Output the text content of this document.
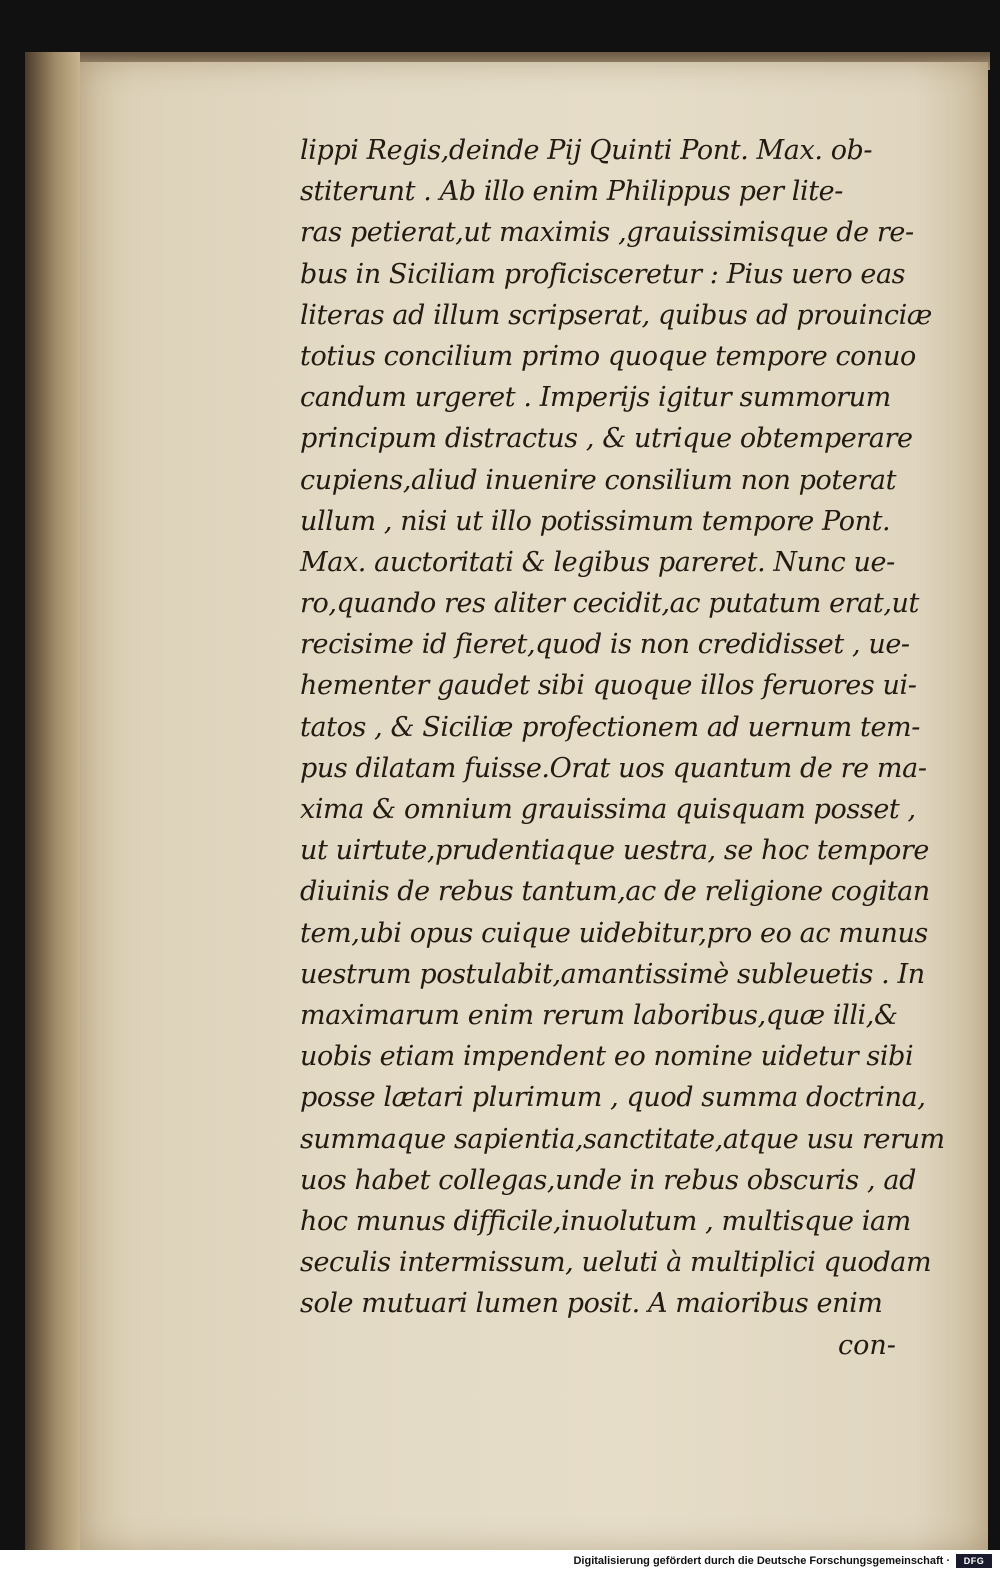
lippi Regis,deinde Pij Quinti Pont. Max. ob-
stiterunt . Ab illo enim Philippus per lite-
ras petierat,ut maximis ,grauissimisque de re-
bus in Siciliam proficisceretur : Pius uero eas
literas ad illum scripserat, quibus ad prouinciæ
totius concilium primo quoque tempore conuo
candum urgeret . Imperijs igitur summorum
principum distractus , & utrique obtemperare
cupiens,aliud inuenire consilium non poterat
ullum , nisi ut illo potissimum tempore Pont.
Max. auctoritati & legibus pareret. Nunc ue-
ro,quando res aliter cecidit,ac putatum erat,ut
recisime id fieret,quod is non credidisset , ue-
hementer gaudet sibi quoque illos feruores ui-
tatos , & Siciliæ profectionem ad uernum tem-
pus dilatam fuisse.Orat uos quantum de re ma-
xima & omnium grauissima quisquam posset ,
ut uirtute,prudentiaque uestra, se hoc tempore
diuinis de rebus tantum,ac de religione cogitan
tem,ubi opus cuique uidebitur,pro eo ac munus
uestrum postulabit,amantissimè subleuetis . In
maximarum enim rerum laboribus,quæ illi,&
uobis etiam impendent eo nomine uidetur sibi
posse lætari plurimum , quod summa doctrina,
summaque sapientia,sanctitate,atque usu rerum
uos habet collegas,unde in rebus obscuris , ad
hoc munus difficile,inuolutum , multisque iam
seculis intermissum, ueluti à multiplici quodam
sole mutuari lumen posit. A maioribus enim
con-
Digitalisierung gefördert durch die Deutsche Forschungsgemeinschaft ·	DFG
